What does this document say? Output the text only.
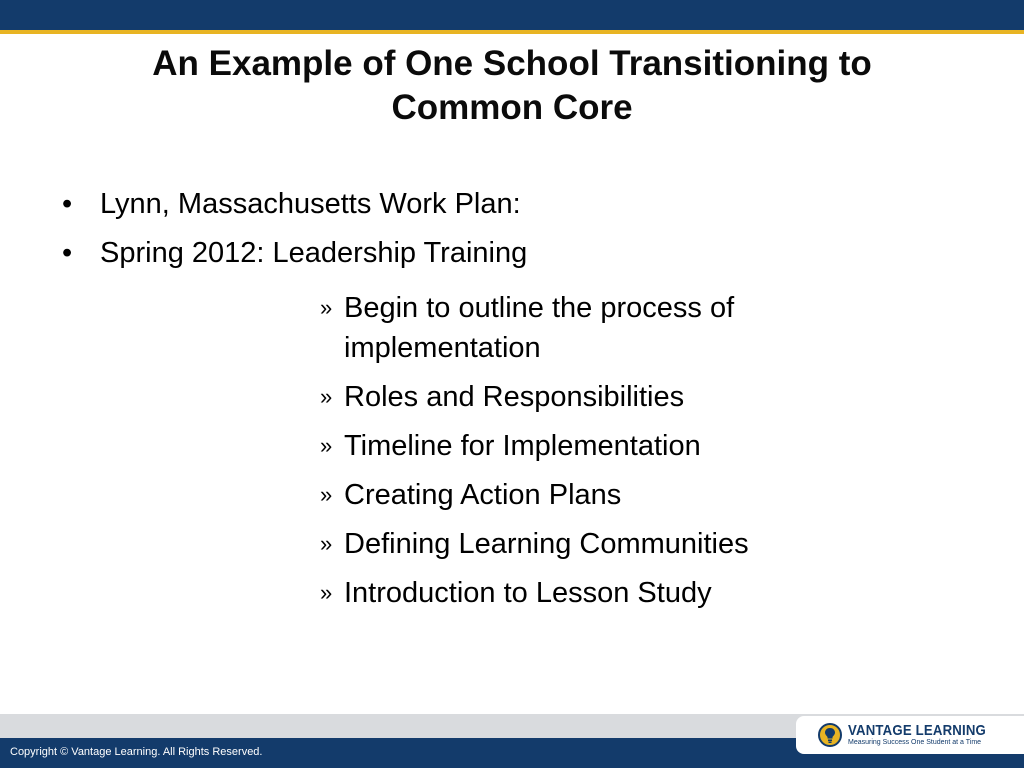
An Example of One School Transitioning to Common Core
• Lynn, Massachusetts Work Plan:
• Spring 2012: Leadership Training
» Begin to outline the process of implementation
» Roles and Responsibilities
» Timeline for Implementation
» Creating Action Plans
» Defining Learning Communities
» Introduction to Lesson Study
Copyright © Vantage Learning. All Rights Reserved.
VANTAGE LEARNING
Measuring Success One Student at a Time
